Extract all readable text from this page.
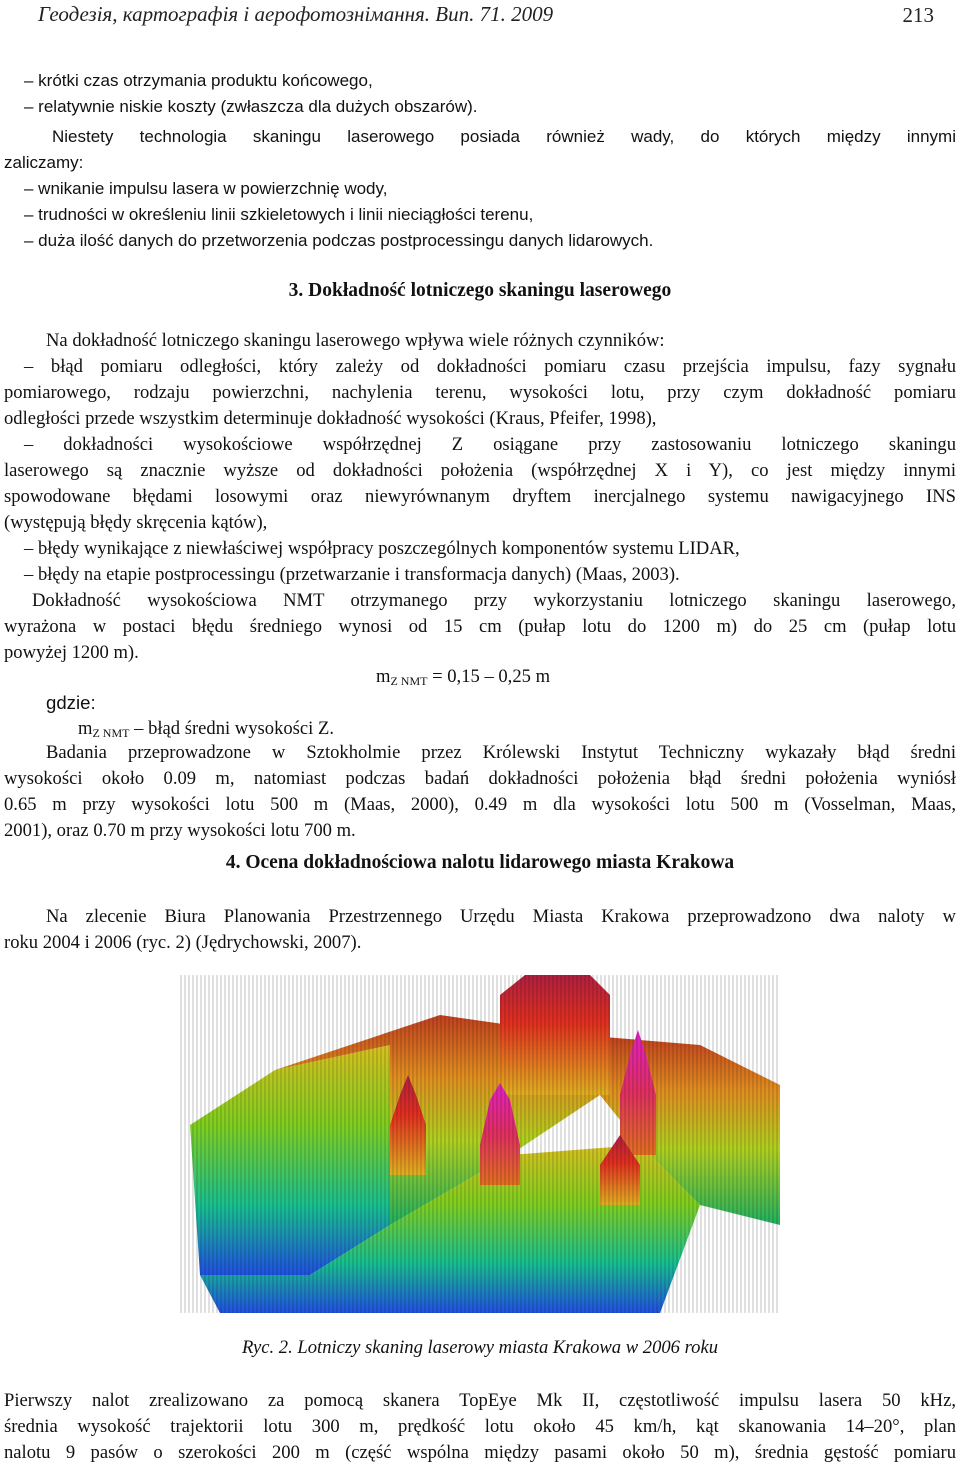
Геодезія, картографія і аерофотознімання. Вип. 71. 2009	213
– krótki czas otrzymania produktu końcowego,
– relatywnie niskie koszty (zwłaszcza dla dużych obszarów).
Niestety technologia skaningu laserowego posiada również wady, do których między innymi
zaliczamy:
– wnikanie impulsu lasera w powierzchnię wody,
– trudności w określeniu linii szkieletowych i linii nieciągłości terenu,
– duża ilość danych do przetworzenia podczas postprocessingu danych lidarowych.
3. Dokładność lotniczego skaningu laserowego
Na dokładność lotniczego skaningu laserowego wpływa wiele różnych czynników:
– błąd pomiaru odległości, który zależy od dokładności pomiaru czasu przejścia impulsu, fazy sygnału
pomiarowego, rodzaju powierzchni, nachylenia terenu, wysokości lotu, przy czym dokładność pomiaru
odległości przede wszystkim determinuje dokładność wysokości (Kraus, Pfeifer, 1998),
– dokładności wysokościowe współrzędnej Z osiągane przy zastosowaniu lotniczego skaningu
laserowego są znacznie wyższe od dokładności położenia (współrzędnej X i Y), co jest między innymi
spowodowane błędami losowymi oraz niewyrównanym dryftem inercjalnego systemu nawigacyjnego INS
(występują błędy skręcenia kątów),
– błędy wynikające z niewłaściwej współpracy poszczególnych komponentów systemu LIDAR,
– błędy na etapie postprocessingu (przetwarzanie i transformacja danych) (Maas, 2003).
Dokładność wysokościowa NMT otrzymanego przy wykorzystaniu lotniczego skaningu laserowego,
wyrażona w postaci błędu średniego wynosi od 15 cm (pułap lotu do 1200 m) do 25 cm (pułap lotu
powyżej 1200 m).
$m_{Z NMT} = 0,15 - 0,25$ m
gdzie:
$m_{Z NMT}$ – błąd średni wysokości Z.
Badania przeprowadzone w Sztokholmie przez Królewski Instytut Techniczny wykazały błąd średni
wysokości około 0.09 m, natomiast podczas badań dokładności położenia błąd średni położenia wyniósł
0.65 m przy wysokości lotu 500 m (Maas, 2000), 0.49 m dla wysokości lotu 500 m (Vosselman, Maas,
2001), oraz 0.70 m przy wysokości lotu 700 m.
4. Ocena dokładnościowa nalotu lidarowego miasta Krakowa
Na zlecenie Biura Planowania Przestrzennego Urzędu Miasta Krakowa przeprowadzono dwa naloty w
roku 2004 i 2006 (ryc. 2) (Jędrychowski, 2007).
Ryc. 2. Lotniczy skaning laserowy miasta Krakowa w 2006 roku
Pierwszy nalot zrealizowano za pomocą skanera TopEye Mk II, częstotliwość impulsu lasera 50 kHz,
średnia wysokość trajektorii lotu 300 m, prędkość lotu około 45 km/h, kąt skanowania 14–20°, plan
nalotu 9 pasów o szerokości 200 m (część wspólna między pasami około 50 m), średnia gęstość pomiaru
